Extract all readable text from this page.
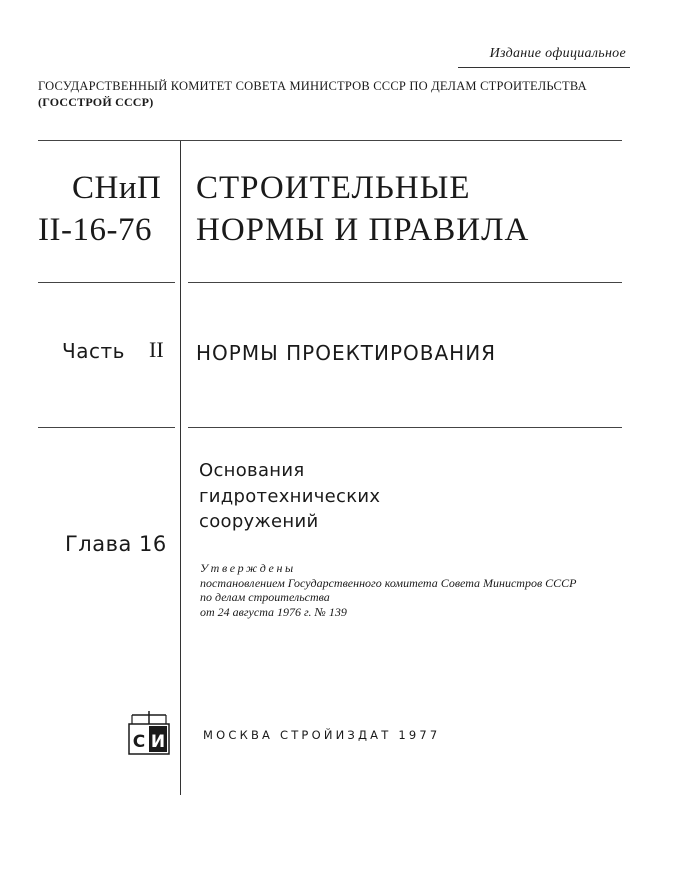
Издание официальное
ГОСУДАРСТВЕННЫЙ КОМИТЕТ СОВЕТА МИНИСТРОВ СССР ПО ДЕЛАМ СТРОИТЕЛЬСТВА
(ГОССТРОЙ СССР)
СНиП
II-16-76
СТРОИТЕЛЬНЫЕ
НОРМЫ И ПРАВИЛА
Часть II НОРМЫ ПРОЕКТИРОВАНИЯ
Основания
гидротехнических
сооружений
Глава 16
Утверждены
постановлением Государственного комитета Совета Министров СССР
по делам строительства
от 24 августа 1976 г. № 139
С И	МОСКВА СТРОЙИЗДАТ 1977
